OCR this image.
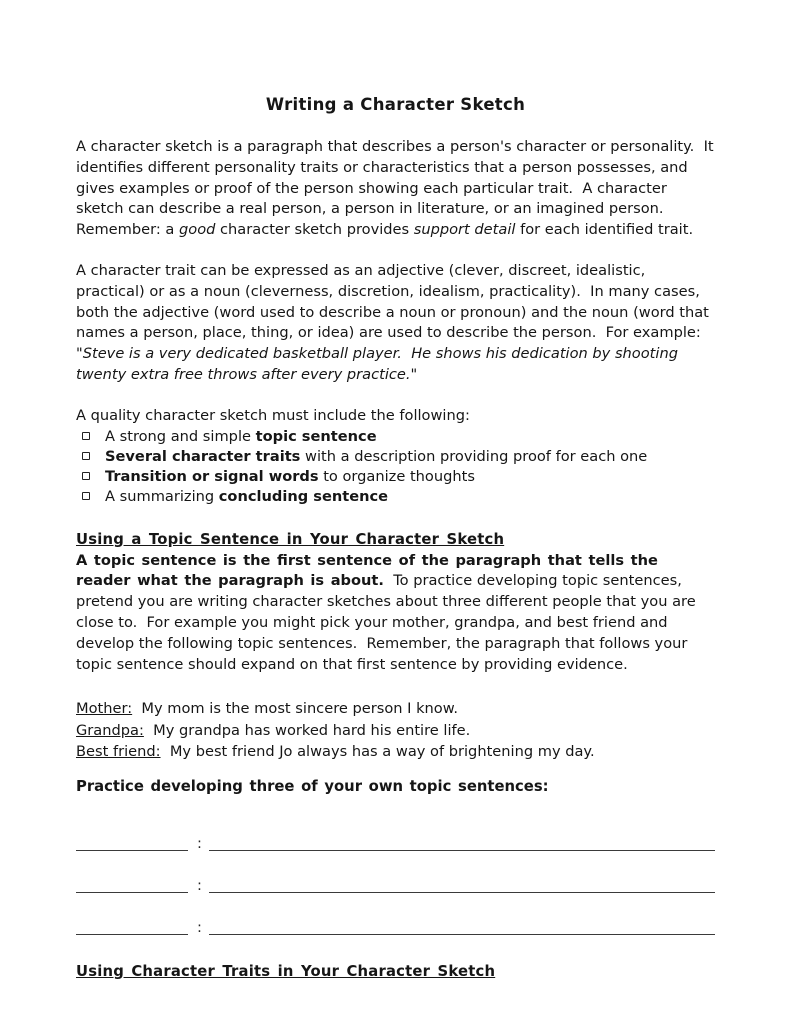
Writing a Character Sketch

A character sketch is a paragraph that describes a person's character or personality.  It identifies different personality traits or characteristics that a person possesses, and gives examples or proof of the person showing each particular trait.  A character sketch can describe a real person, a person in literature, or an imagined person. Remember: a good character sketch provides support detail for each identified trait.

A character trait can be expressed as an adjective (clever, discreet, idealistic, practical) or as a noun (cleverness, discretion, idealism, practicality).  In many cases, both the adjective (word used to describe a noun or pronoun) and the noun (word that names a person, place, thing, or idea) are used to describe the person.  For example:
"Steve is a very dedicated basketball player.  He shows his dedication by shooting twenty extra free throws after every practice."

A quality character sketch must include the following:

A strong and simple topic sentence
Several character traits with a description providing proof for each one
Transition or signal words to organize thoughts
A summarizing concluding sentence
Using a Topic Sentence in Your Character Sketch

A topic sentence is the first sentence of the paragraph that tells the reader what the paragraph is about.  To practice developing topic sentences, pretend you are writing character sketches about three different people that you are close to.  For example you might pick your mother, grandpa, and best friend and develop the following topic sentences.  Remember, the paragraph that follows your topic sentence should expand on that first sentence by providing evidence.

Mother:  My mom is the most sincere person I know.
Grandpa:  My grandpa has worked hard his entire life.
Best friend:  My best friend Jo always has a way of brightening my day.

Practice developing three of your own topic sentences:

:
:
:
Using Character Traits in Your Character Sketch
